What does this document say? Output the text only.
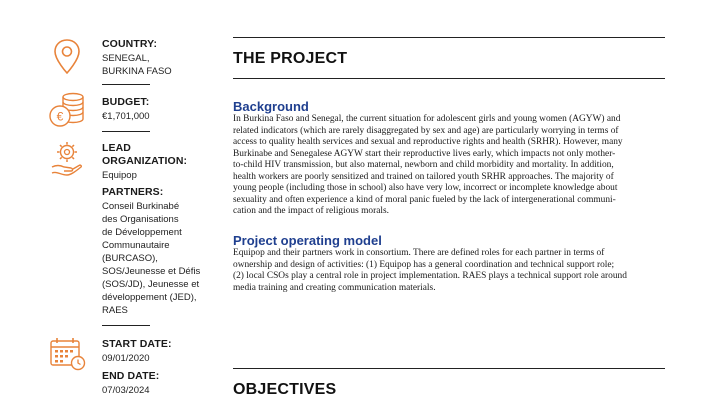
€
COUNTRY:
SENEGAL,
BURKINA FASO
BUDGET:
€1,701,000
LEAD
ORGANIZATION:
Equipop
PARTNERS:
Conseil Burkinabé
des Organisations
de Développement
Communautaire
(BURCASO),
SOS/Jeunesse et Défis
(SOS/JD), Jeunesse et
développement (JED),
RAES
START DATE:
09/01/2020
END DATE:
07/03/2024
THE PROJECT
Background
In Burkina Faso and Senegal, the current situation for adolescent girls and young women (AGYW) and
related indicators (which are rarely disaggregated by sex and age) are particularly worrying in terms of
access to quality health services and sexual and reproductive rights and health (SRHR). However, many
Burkinabe and Senegalese AGYW start their reproductive lives early, which impacts not only mother-
to-child HIV transmission, but also maternal, newborn and child morbidity and mortality. In addition,
health workers are poorly sensitized and trained on tailored youth SRHR approaches. The majority of
young people (including those in school) also have very low, incorrect or incomplete knowledge about
sexuality and often experience a kind of moral panic fueled by the lack of intergenerational communi-
cation and the impact of religious morals.
Project operating model
Equipop and their partners work in consortium. There are defined roles for each partner in terms of
ownership and design of activities: (1) Equipop has a general coordination and technical support role;
(2) local CSOs play a central role in project implementation. RAES plays a technical support role around
media training and creating communication materials.
OBJECTIVES
